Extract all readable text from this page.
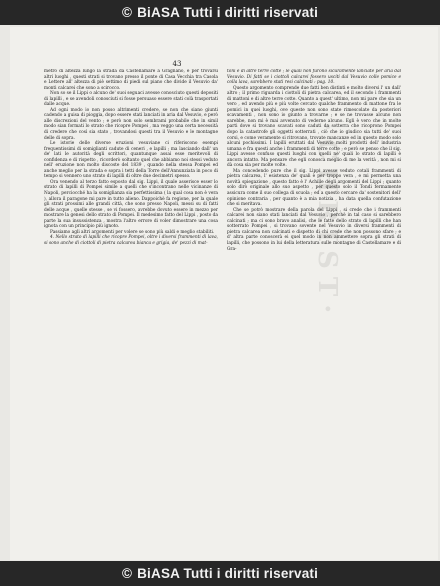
© BiASA Tutti i diritti riservati
·CHRIST·
43

metro di altezza lungo la strada da Castellamare a Gragnano, e per trovarsi altri luoghi , questi strati si trovano presso il ponte di Casa Vecchia tra Casola e Lettere all' altezza di piè settimo di piedi sul piano che divide il Vesuvio da' monti calcarei che sono a scirocco.

Non so se il Lippi o alcuno de' suoi seguaci avesse conosciuto questi depositi di lapilli , e se avendoli conosciuti si fosse persuaso essere stati colà trasportati dalle acque.

Ad ogni modo io non posso altrimenti credere, se non che siano giunti cadendo a guisa di pioggia, dopo essere stati lanciati in aria dal Vesuvio, e però alle discrezioni del vento ; e però non solo sembrami probabile che in simil modo sian formati lo strato che ricopre Pompei , ma veggo una certa necessità di credere che così sia stato , trovandosi questi tra il Vesuvio e le montagne delle di sopra.

Le istorie delle diverse eruzioni vesuviane ci riferiscono esempi frequentissimi di somiglianti cadute di ceneri , e lapilli ; ma lasciando dall' un de' lati le autorità degli scrittori, quantunque assai esse meritevoli di confidenza e di rispetto , ricorderò soltanto quel che abbiamo noi stessi veduto nell' eruzione non molto discoste del 1839 , quando nella stessa Pompei ed anche meglio per la strada e sopra i tetti della Torre dell'Annunziata in poco di tempo si vennero uno strato di lapilli di oltre due decimetri spesso.

Ora venendo al terzo fatto esposto dal sig. Lippi, il quale asserisce esser lo strato di lapilli di Pompei simile a quelli che s'incontrano nelle vicinanze di Napoli, perciocché ha la somiglianza sia perfettissima ( la qual cosa non è vera ), allora il paragone mi pare in tutto alieno. Dappoichè fa regione, per la quale gli strati prossimi alle grandi città, che sono presso Napoli, messi su di fatti delle acque , quelle stesse , se vi fossero, avrebbe dovuto essere in mezzo per mostrare la genesi dello strato di Pompei. Il medesimo fatto del Lippi , posto da parte la sua insussistenza , mostra l'altro errore di voler dimostrare una cosa ignota con un principio più ignoto.

Passiamo agli altri argomenti per volere se sono più saldi e meglio stabiliti.

4. Nello strato di lapilli che ricopre Pompei, oltre i diversi frammenti di lava, si sono anche di ciottoli di pietra calcarea bianca e grigia, de' pezzi di mat-

toni e di altre terre cotte ; le quali non furono sicuramente lanciate per aria dal Vesuvio. Di fatti se i ciottoli calcarei fossero usciti dal Vesuvio colle pomice e colla lava, sarebbero stati resi calcinati : pag. 10.

Questo argomento comprende due fatti ben distinti e molto diversi l' un dall' altro ; il primo riguarda i ciottoli di pietra calcarea, ed il secondo i frammenti di mattoni e di altre terre cotte. Quanto a quest' ultimo, non mi pare che sia un vero , ed avendo più e più volte cercato qualche frammento di mattone fra le pomici in quei luoghi, ove queste non sono state rimescolate da posteriori scavamenti , non sono io giunto a trovarne ; e se ne trovasse alcuno non sarebbe, non mi è mai avvenuto di vederne alcuno. Egli è vero che in molte parti dove si trovano scavati sono caduti da sotterra che ricoprono Pompei dopo la catastrofe gli oggetti sotterrati , ciò che io giudico sia tutti de' suoi corsi, e come veramente si ritrovano, trovate mancanze ed in questo modo solo alcuni pochissimi. I lapilli eruttati dal Vesuvio molti prodotti dell' industria umana e fra questi anche i frammenti di terre cotte ; e però se penso che il sig. Lippi avesse confuso questi luoghi con quelli ne' quali lo strato di lapilli è ancora intatto. Ma pensare che egli conosca meglio di me la verità , non mi si dà cosa sia per molte volte.

Ma concedendo pure che il sig. Lippi avesse veduto cotali frammenti di pietra calcarea, l' esistenza de' quali è per troppo vera , e mi permetta una novità spiegazione , questo fatto è l' Achille degli argomenti del Lippi ; quanto solo dirò originale allo suo aspetto , per questo solo il Tondi fermamente assicura come il suo collega di scuola ; ed a questo cercare da' sostenitori dell' opinione contraria , per quanto è a mia notizia , ha data quella confutazione che si meritava.

Che se potrò mostrare della parola del Lippi , si crede che i frammenti calcarei non siano stati lanciati dal Vesuvio , perchè in tal caso si sarebbero calcinati ; ma ci sono bravo analisi, che le fatte dello strato di lapilli che han sotterrato Pompei , si trovano sovente nel Vesuvio in diversi frammenti di pietra calcarea non calcinati e dispetto di chi crede che non possono sfare ; e d' altra parte conoscerà ei quel modo in non ammettere sopra gli strati di lapilli, che possono in lui della letteratura sulle montagne di Castellamare e di Gra-

© BiASA Tutti i diritti riservati
